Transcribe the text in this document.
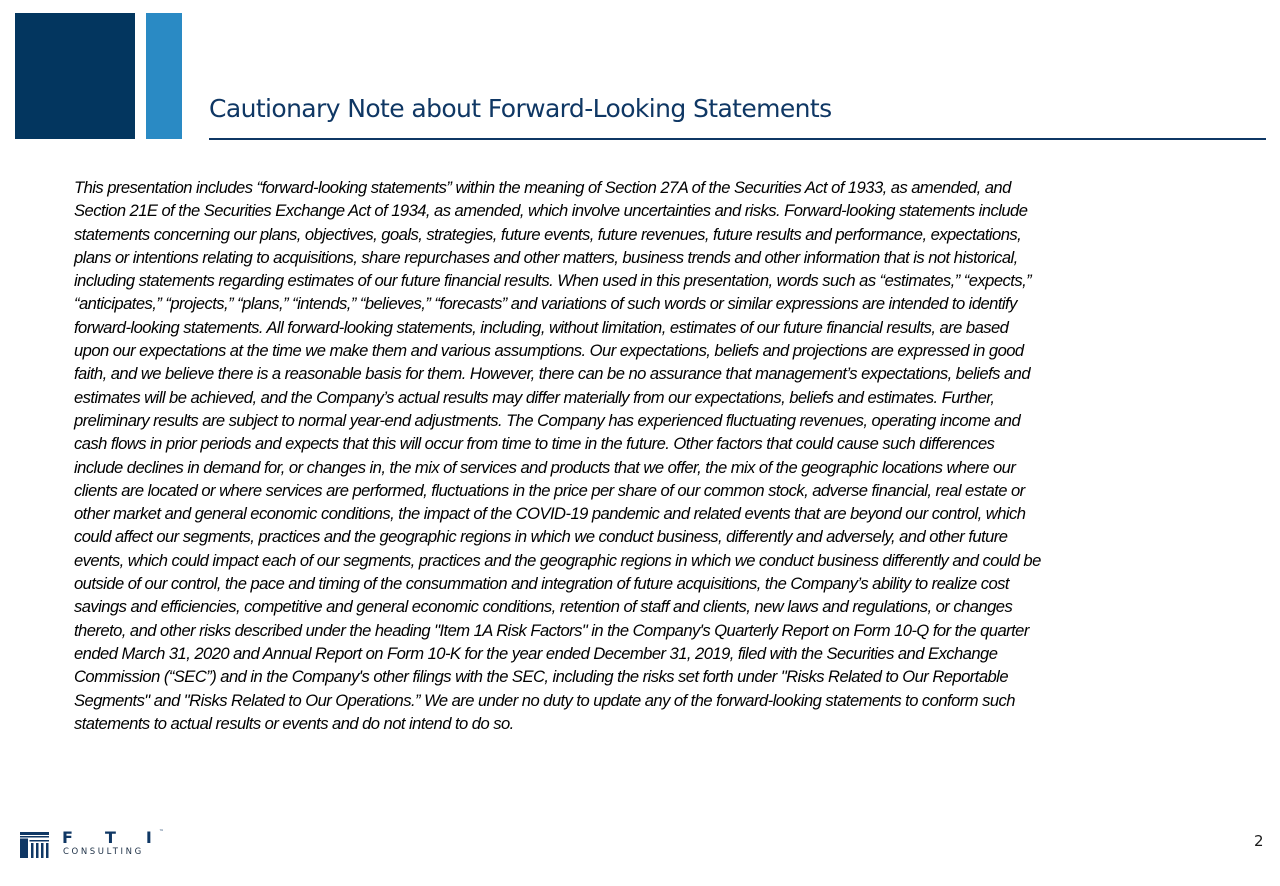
Cautionary Note about Forward-Looking Statements
This presentation includes “forward-looking statements” within the meaning of Section 27A of the Securities Act of 1933, as amended, and
Section 21E of the Securities Exchange Act of 1934, as amended, which involve uncertainties and risks. Forward-looking statements include
statements concerning our plans, objectives, goals, strategies, future events, future revenues, future results and performance, expectations,
plans or intentions relating to acquisitions, share repurchases and other matters, business trends and other information that is not historical,
including statements regarding estimates of our future financial results. When used in this presentation, words such as “estimates,” “expects,”
“anticipates,” “projects,” “plans,” “intends,” “believes,” “forecasts” and variations of such words or similar expressions are intended to identify
forward-looking statements. All forward-looking statements, including, without limitation, estimates of our future financial results, are based
upon our expectations at the time we make them and various assumptions. Our expectations, beliefs and projections are expressed in good
faith, and we believe there is a reasonable basis for them. However, there can be no assurance that management’s expectations, beliefs and
estimates will be achieved, and the Company’s actual results may differ materially from our expectations, beliefs and estimates. Further,
preliminary results are subject to normal year-end adjustments. The Company has experienced fluctuating revenues, operating income and
cash flows in prior periods and expects that this will occur from time to time in the future. Other factors that could cause such differences
include declines in demand for, or changes in, the mix of services and products that we offer, the mix of the geographic locations where our
clients are located or where services are performed, fluctuations in the price per share of our common stock, adverse financial, real estate or
other market and general economic conditions, the impact of the COVID-19 pandemic and related events that are beyond our control, which
could affect our segments, practices and the geographic regions in which we conduct business, differently and adversely, and other future
events, which could impact each of our segments, practices and the geographic regions in which we conduct business differently and could be
outside of our control, the pace and timing of the consummation and integration of future acquisitions, the Company’s ability to realize cost
savings and efficiencies, competitive and general economic conditions, retention of staff and clients, new laws and regulations, or changes
thereto, and other risks described under the heading "Item 1A Risk Factors" in the Company's Quarterly Report on Form 10-Q for the quarter
ended March 31, 2020 and Annual Report on Form 10-K for the year ended December 31, 2019, filed with the Securities and Exchange
Commission (“SEC”) and in the Company's other filings with the SEC, including the risks set forth under "Risks Related to Our Reportable
Segments" and "Risks Related to Our Operations.” We are under no duty to update any of the forward-looking statements to conform such
statements to actual results or events and do not intend to do so.
F T I ™
CONSULTING
2
